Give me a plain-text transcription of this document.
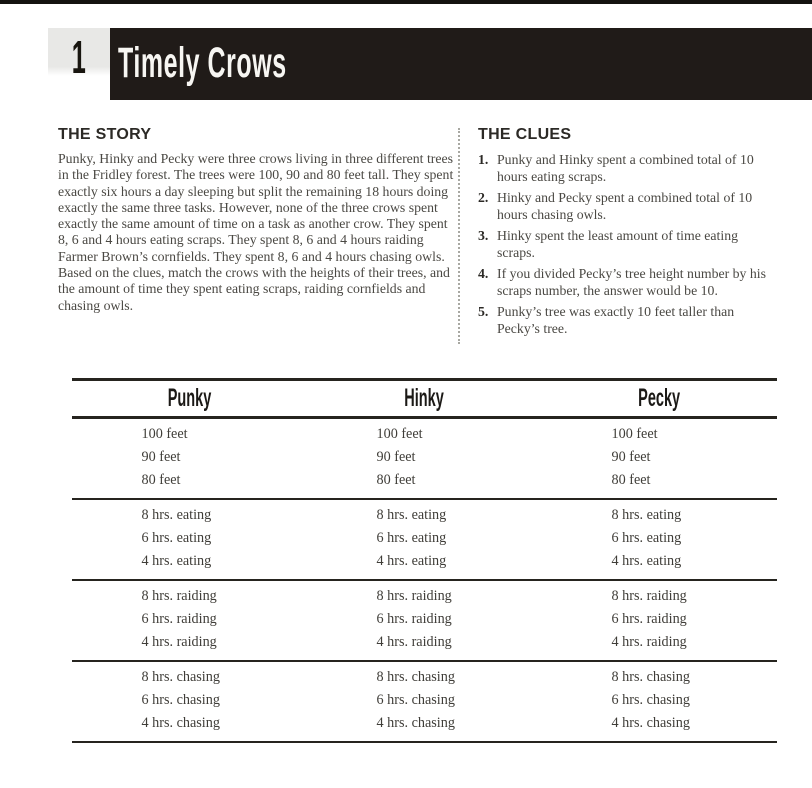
1 Timely Crows
THE STORY

Punky, Hinky and Pecky were three crows living in three different trees in the Fridley forest. The trees were 100, 90 and 80 feet tall. They spent exactly six hours a day sleeping but split the remaining 18 hours doing exactly the same three tasks. However, none of the three crows spent exactly the same amount of time on a task as another crow. They spent 8, 6 and 4 hours eating scraps. They spent 8, 6 and 4 hours raiding Farmer Brown’s cornfields. They spent 8, 6 and 4 hours chasing owls. Based on the clues, match the crows with the heights of their trees, and the amount of time they spent eating scraps, raiding cornfields and chasing owls.

THE CLUES
1. Punky and Hinky spent a combined total of 10 hours eating scraps.
2. Hinky and Pecky spent a combined total of 10 hours chasing owls.
3. Hinky spent the least amount of time eating scraps.
4. If you divided Pecky’s tree height number by his scraps number, the answer would be 10.
5. Punky’s tree was exactly 10 feet taller than Pecky’s tree.
Punky	Hinky	Pecky
100 feet	100 feet	100 feet
90 feet	90 feet	90 feet
80 feet	80 feet	80 feet
8 hrs. eating	8 hrs. eating	8 hrs. eating
6 hrs. eating	6 hrs. eating	6 hrs. eating
4 hrs. eating	4 hrs. eating	4 hrs. eating
8 hrs. raiding	8 hrs. raiding	8 hrs. raiding
6 hrs. raiding	6 hrs. raiding	6 hrs. raiding
4 hrs. raiding	4 hrs. raiding	4 hrs. raiding
8 hrs. chasing	8 hrs. chasing	8 hrs. chasing
6 hrs. chasing	6 hrs. chasing	6 hrs. chasing
4 hrs. chasing	4 hrs. chasing	4 hrs. chasing
